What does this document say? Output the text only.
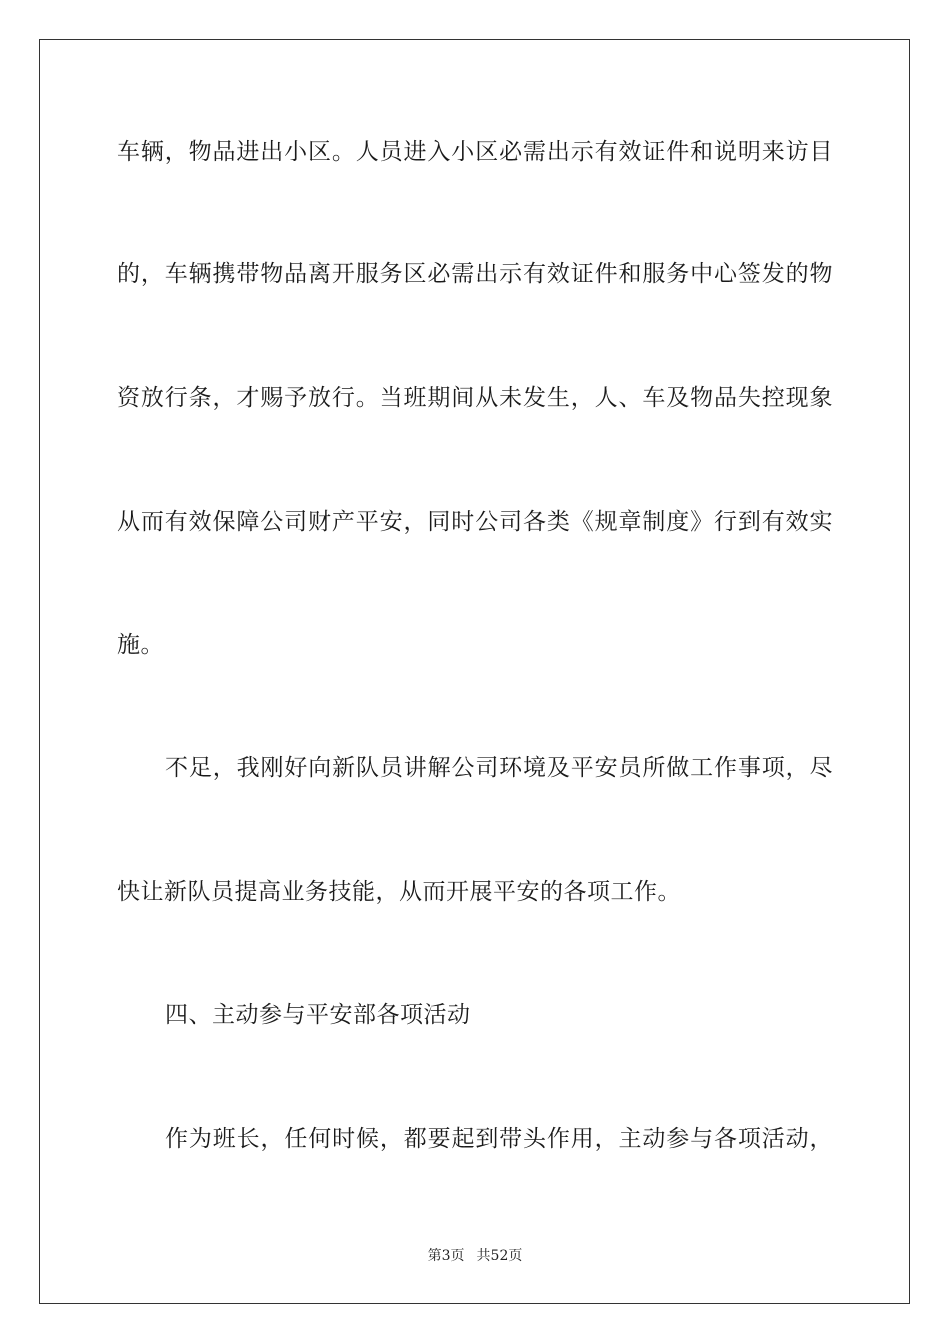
车辆，物品进出小区。人员进入小区必需出示有效证件和说明来访目
的，车辆携带物品离开服务区必需出示有效证件和服务中心签发的物
资放行条，才赐予放行。当班期间从未发生，人、车及物品失控现象
从而有效保障公司财产平安，同时公司各类《规章制度》行到有效实
施。
不足，我刚好向新队员讲解公司环境及平安员所做工作事项，尽
快让新队员提高业务技能，从而开展平安的各项工作。
四、主动参与平安部各项活动
作为班长，任何时候，都要起到带头作用，主动参与各项活动，
第3页 共52页
